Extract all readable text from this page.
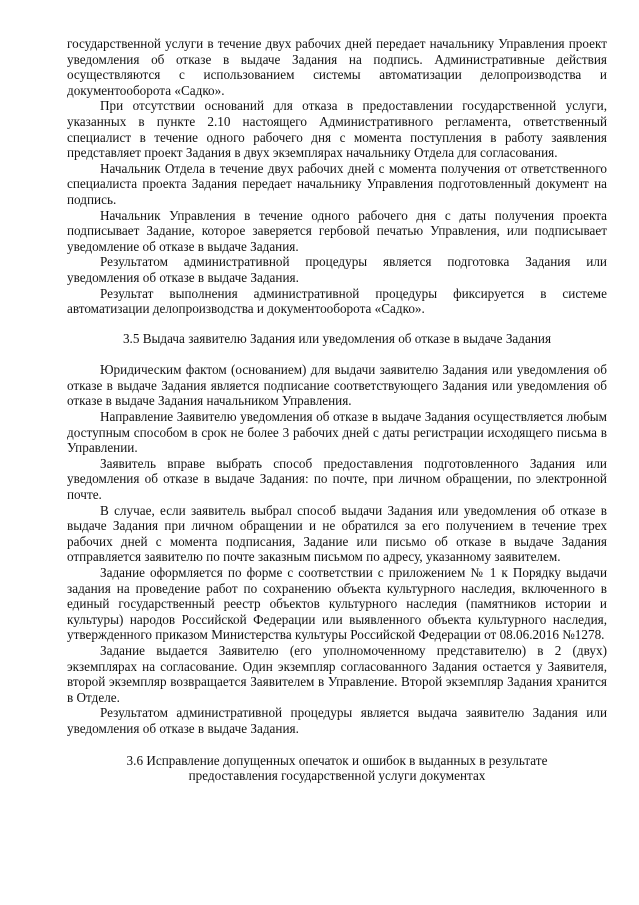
государственной услуги в течение двух рабочих дней передает начальнику Управления проект уведомления об отказе в выдаче Задания на подпись. Административные действия осуществляются с использованием системы автоматизации делопроизводства и документооборота «Садко».

При отсутствии оснований для отказа в предоставлении государственной услуги, указанных в пункте 2.10 настоящего Административного регламента, ответственный специалист в течение одного рабочего дня с момента поступления в работу заявления представляет проект Задания в двух экземплярах начальнику Отдела для согласования.

Начальник Отдела в течение двух рабочих дней с момента получения от ответственного специалиста проекта Задания передает начальнику Управления подготовленный документ на подпись.

Начальник Управления в течение одного рабочего дня с даты получения проекта подписывает Задание, которое заверяется гербовой печатью Управления, или подписывает уведомление об отказе в выдаче Задания.

Результатом административной процедуры является подготовка Задания или уведомления об отказе в выдаче Задания.

Результат выполнения административной процедуры фиксируется в системе автоматизации делопроизводства и документооборота «Садко».

3.5 Выдача заявителю Задания или уведомления об отказе в выдаче Задания

Юридическим фактом (основанием) для выдачи заявителю Задания или уведомления об отказе в выдаче Задания является подписание соответствующего Задания или уведомления об отказе в выдаче Задания начальником Управления.

Направление Заявителю уведомления об отказе в выдаче Задания осуществляется любым доступным способом в срок не более 3 рабочих дней с даты регистрации исходящего письма в Управлении.

Заявитель вправе выбрать способ предоставления подготовленного Задания или уведомления об отказе в выдаче Задания: по почте, при личном обращении, по электронной почте.

В случае, если заявитель выбрал способ выдачи Задания или уведомления об отказе в выдаче Задания при личном обращении и не обратился за его получением в течение трех рабочих дней с момента подписания, Задание или письмо об отказе в выдаче Задания отправляется заявителю по почте заказным письмом по адресу, указанному заявителем.

Задание оформляется по форме с соответствии с приложением № 1 к Порядку выдачи задания на проведение работ по сохранению объекта культурного наследия, включенного в единый государственный реестр объектов культурного наследия (памятников истории и культуры) народов Российской Федерации или выявленного объекта культурного наследия, утвержденного приказом Министерства культуры Российской Федерации от 08.06.2016 №1278.

Задание выдается Заявителю (его уполномоченному представителю) в 2 (двух) экземплярах на согласование. Один экземпляр согласованного Задания остается у Заявителя, второй экземпляр возвращается Заявителем в Управление. Второй экземпляр Задания хранится в Отделе.

Результатом административной процедуры является выдача заявителю Задания или уведомления об отказе в выдаче Задания.

3.6 Исправление допущенных опечаток и ошибок в выданных в результате
предоставления государственной услуги документах
